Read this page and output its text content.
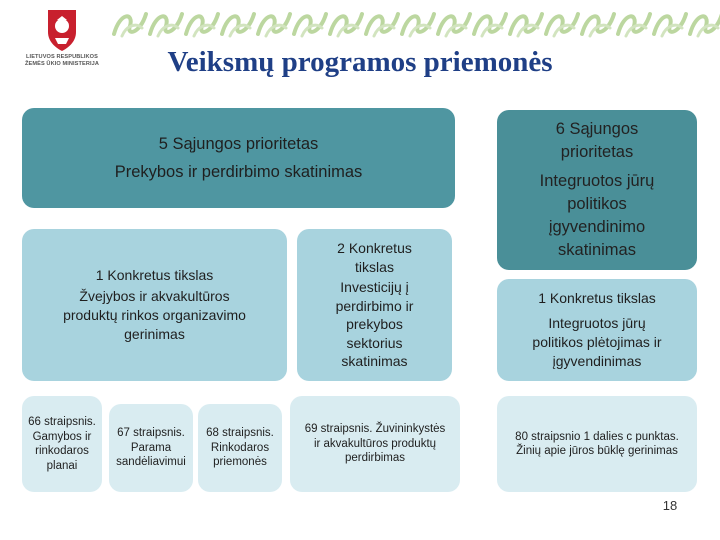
LIETUVOS RESPUBLIKOS
ŽEMĖS ŪKIO MINISTERIJA	Veiksmų programos priemonės
5 Sąjungos prioritetas
Prekybos ir perdirbimo skatinimas
6 Sąjungos
prioritetas
Integruotos jūrų
politikos
įgyvendinimo
skatinimas
1 Konkretus tikslas
Žvejybos ir akvakultūros
produktų rinkos organizavimo
gerinimas
2 Konkretus
tikslas
Investicijų į
perdirbimo ir
prekybos
sektorius
skatinimas
1 Konkretus tikslas
Integruotos jūrų
politikos plėtojimas ir
įgyvendinimas
66 straipsnis.
Gamybos ir
rinkodaros
planai
67 straipsnis.
Parama
sandėliavimui
68 straipsnis.
Rinkodaros
priemonės
69 straipsnis. Žuvininkystės
ir akvakultūros produktų
perdirbimas
80 straipsnio 1 dalies c punktas.
Žinių apie jūros būklę gerinimas
18
